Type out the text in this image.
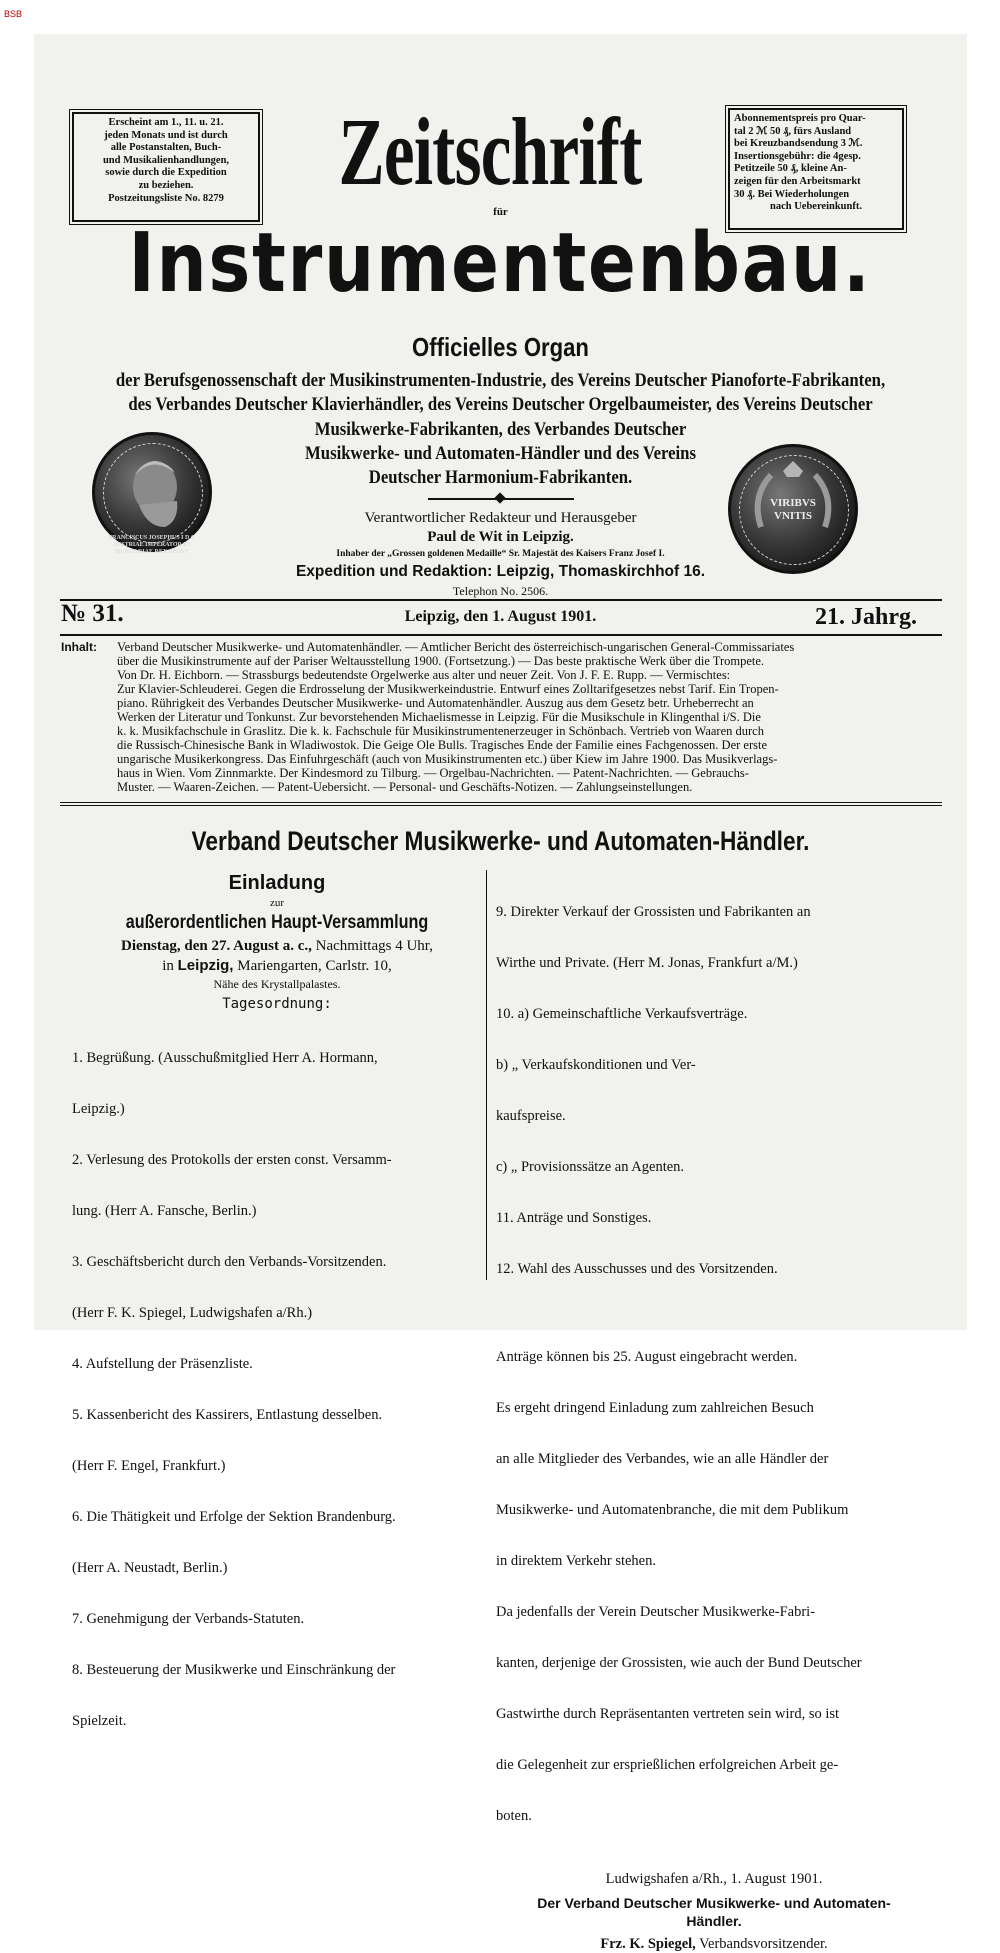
BSB
Erscheint am 1., 11. u. 21.
jeden Monats und ist durch
alle Postanstalten, Buch-
und Musikalienhandlungen,
sowie durch die Expedition
zu beziehen.
Postzeitungsliste No. 8279
Abonnementspreis pro Quar-
tal 2 ℳ 50 ₰, fürs Ausland
bei Kreuzbandsendung 3 ℳ.
Insertionsgebühr: die 4gesp.
Petitzeile 50 ₰, kleine An-
zeigen für den Arbeitsmarkt
30 ₰. Bei Wiederholungen
nach Uebereinkunft.
Zeitschrift
für
Instrumentenbau.
Officielles Organ
der Berufsgenossenschaft der Musikinstrumenten-Industrie, des Vereins Deutscher Pianoforte-Fabrikanten,
des Verbandes Deutscher Klavierhändler, des Vereins Deutscher Orgelbaumeister, des Vereins Deutscher
Musikwerke-Fabrikanten, des Verbandes Deutscher
Musikwerke- und Automaten-Händler und des Vereins
Deutscher Harmonium-Fabrikanten.
FRANCISCUS JOSEPHUS I D G AUSTRIAE IMPERATOR ET HUNGARIAE REX APOST
VIRIBVS
VNITIS
Verantwortlicher Redakteur und Herausgeber
Paul de Wit in Leipzig.
Inhaber der „Grossen goldenen Medaille“ Sr. Majestät des Kaisers Franz Josef I.
Expedition und Redaktion: Leipzig, Thomaskirchhof 16.
Telephon No. 2506.
№ 31.	Leipzig, den 1. August 1901.	21. Jahrg.
Inhalt: Verband Deutscher Musikwerke- und Automatenhändler. — Amtlicher Bericht des österreichisch-ungarischen General-Commissariates
über die Musikinstrumente auf der Pariser Weltausstellung 1900. (Fortsetzung.) — Das beste praktische Werk über die Trompete.
Von Dr. H. Eichborn. — Strassburgs bedeutendste Orgelwerke aus alter und neuer Zeit. Von J. F. E. Rupp. — Vermischtes:
Zur Klavier-Schleuderei. Gegen die Erdrosselung der Musikwerkeindustrie. Entwurf eines Zolltarifgesetzes nebst Tarif. Ein Tropen-
piano. Rührigkeit des Verbandes Deutscher Musikwerke- und Automatenhändler. Auszug aus dem Gesetz betr. Urheberrecht an
Werken der Literatur und Tonkunst. Zur bevorstehenden Michaelismesse in Leipzig. Für die Musikschule in Klingenthal i/S. Die
k. k. Musikfachschule in Graslitz. Die k. k. Fachschule für Musikinstrumentenerzeuger in Schönbach. Vertrieb von Waaren durch
die Russisch-Chinesische Bank in Wladiwostok. Die Geige Ole Bulls. Tragisches Ende der Familie eines Fachgenossen. Der erste
ungarische Musikerkongress. Das Einfuhrgeschäft (auch von Musikinstrumenten etc.) über Kiew im Jahre 1900. Das Musikverlags-
haus in Wien. Vom Zinnmarkte. Der Kindesmord zu Tilburg. — Orgelbau-Nachrichten. — Patent-Nachrichten. — Gebrauchs-
Muster. — Waaren-Zeichen. — Patent-Uebersicht. — Personal- und Geschäfts-Notizen. — Zahlungseinstellungen.
Verband Deutscher Musikwerke- und Automaten-Händler.
Einladung
zur
außerordentlichen Haupt-Versammlung
Dienstag, den 27. August a. c., Nachmittags 4 Uhr,
in Leipzig, Mariengarten, Carlstr. 10,
Nähe des Krystallpalastes.
Tagesordnung:

1. Begrüßung. (Ausschußmitglied Herr A. Hormann,

Leipzig.)

2. Verlesung des Protokolls der ersten const. Versamm-

lung. (Herr A. Fansche, Berlin.)

3. Geschäftsbericht durch den Verbands-Vorsitzenden.

(Herr F. K. Spiegel, Ludwigshafen a/Rh.)

4. Aufstellung der Präsenzliste.

5. Kassenbericht des Kassirers, Entlastung desselben.

(Herr F. Engel, Frankfurt.)

6. Die Thätigkeit und Erfolge der Sektion Brandenburg.

(Herr A. Neustadt, Berlin.)

7. Genehmigung der Verbands-Statuten.

8. Besteuerung der Musikwerke und Einschränkung der

Spielzeit.

9. Direkter Verkauf der Grossisten und Fabrikanten an

Wirthe und Private. (Herr M. Jonas, Frankfurt a/M.)

10. a) Gemeinschaftliche Verkaufsverträge.

b) „ Verkaufskonditionen und Ver-

kaufspreise.

c) „ Provisionssätze an Agenten.

11. Anträge und Sonstiges.

12. Wahl des Ausschusses und des Vorsitzenden.

Anträge können bis 25. August eingebracht werden.

Es ergeht dringend Einladung zum zahlreichen Besuch

an alle Mitglieder des Verbandes, wie an alle Händler der

Musikwerke- und Automatenbranche, die mit dem Publikum

in direktem Verkehr stehen.

Da jedenfalls der Verein Deutscher Musikwerke-Fabri-

kanten, derjenige der Grossisten, wie auch der Bund Deutscher

Gastwirthe durch Repräsentanten vertreten sein wird, so ist

die Gelegenheit zur ersprießlichen erfolgreichen Arbeit ge-

boten.

Ludwigshafen a/Rh., 1. August 1901.
Der Verband Deutscher Musikwerke- und Automaten-
Händler.
Frz. K. Spiegel, Verbandsvorsitzender.
